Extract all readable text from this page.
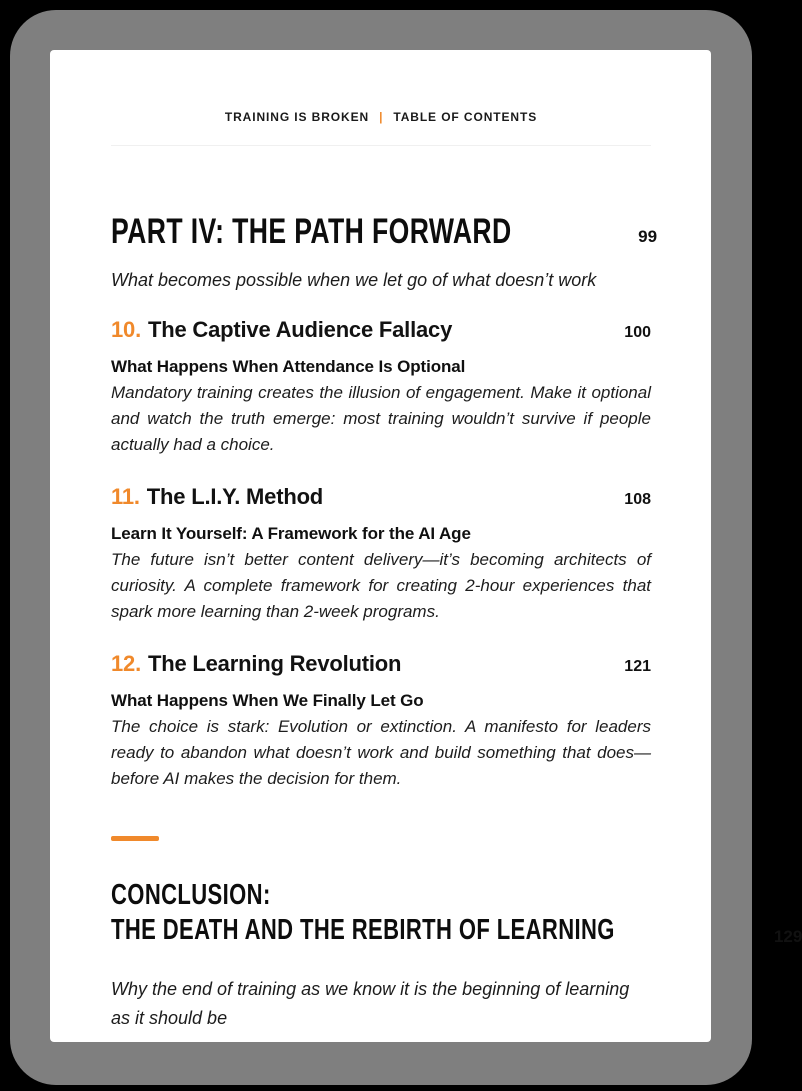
TRAINING IS BROKEN | TABLE OF CONTENTS
PART IV: THE PATH FORWARD	99
What becomes possible when we let go of what doesn’t work
10. The Captive Audience Fallacy	100
What Happens When Attendance Is Optional
Mandatory training creates the illusion of engagement. Make it optional and watch the truth emerge: most training wouldn’t survive if people actually had a choice.
11. The L.I.Y. Method	108
Learn It Yourself: A Framework for the AI Age
The future isn’t better content delivery—it’s becoming architects of curiosity. A complete framework for creating 2-hour experiences that spark more learning than 2-week programs.
12. The Learning Revolution	121
What Happens When We Finally Let Go
The choice is stark: Evolution or extinction. A manifesto for leaders ready to abandon what doesn’t work and build something that does—before AI makes the decision for them.
CONCLUSION:
THE DEATH AND THE REBIRTH OF LEARNING	129
Why the end of training as we know it is the beginning of learning as it should be
